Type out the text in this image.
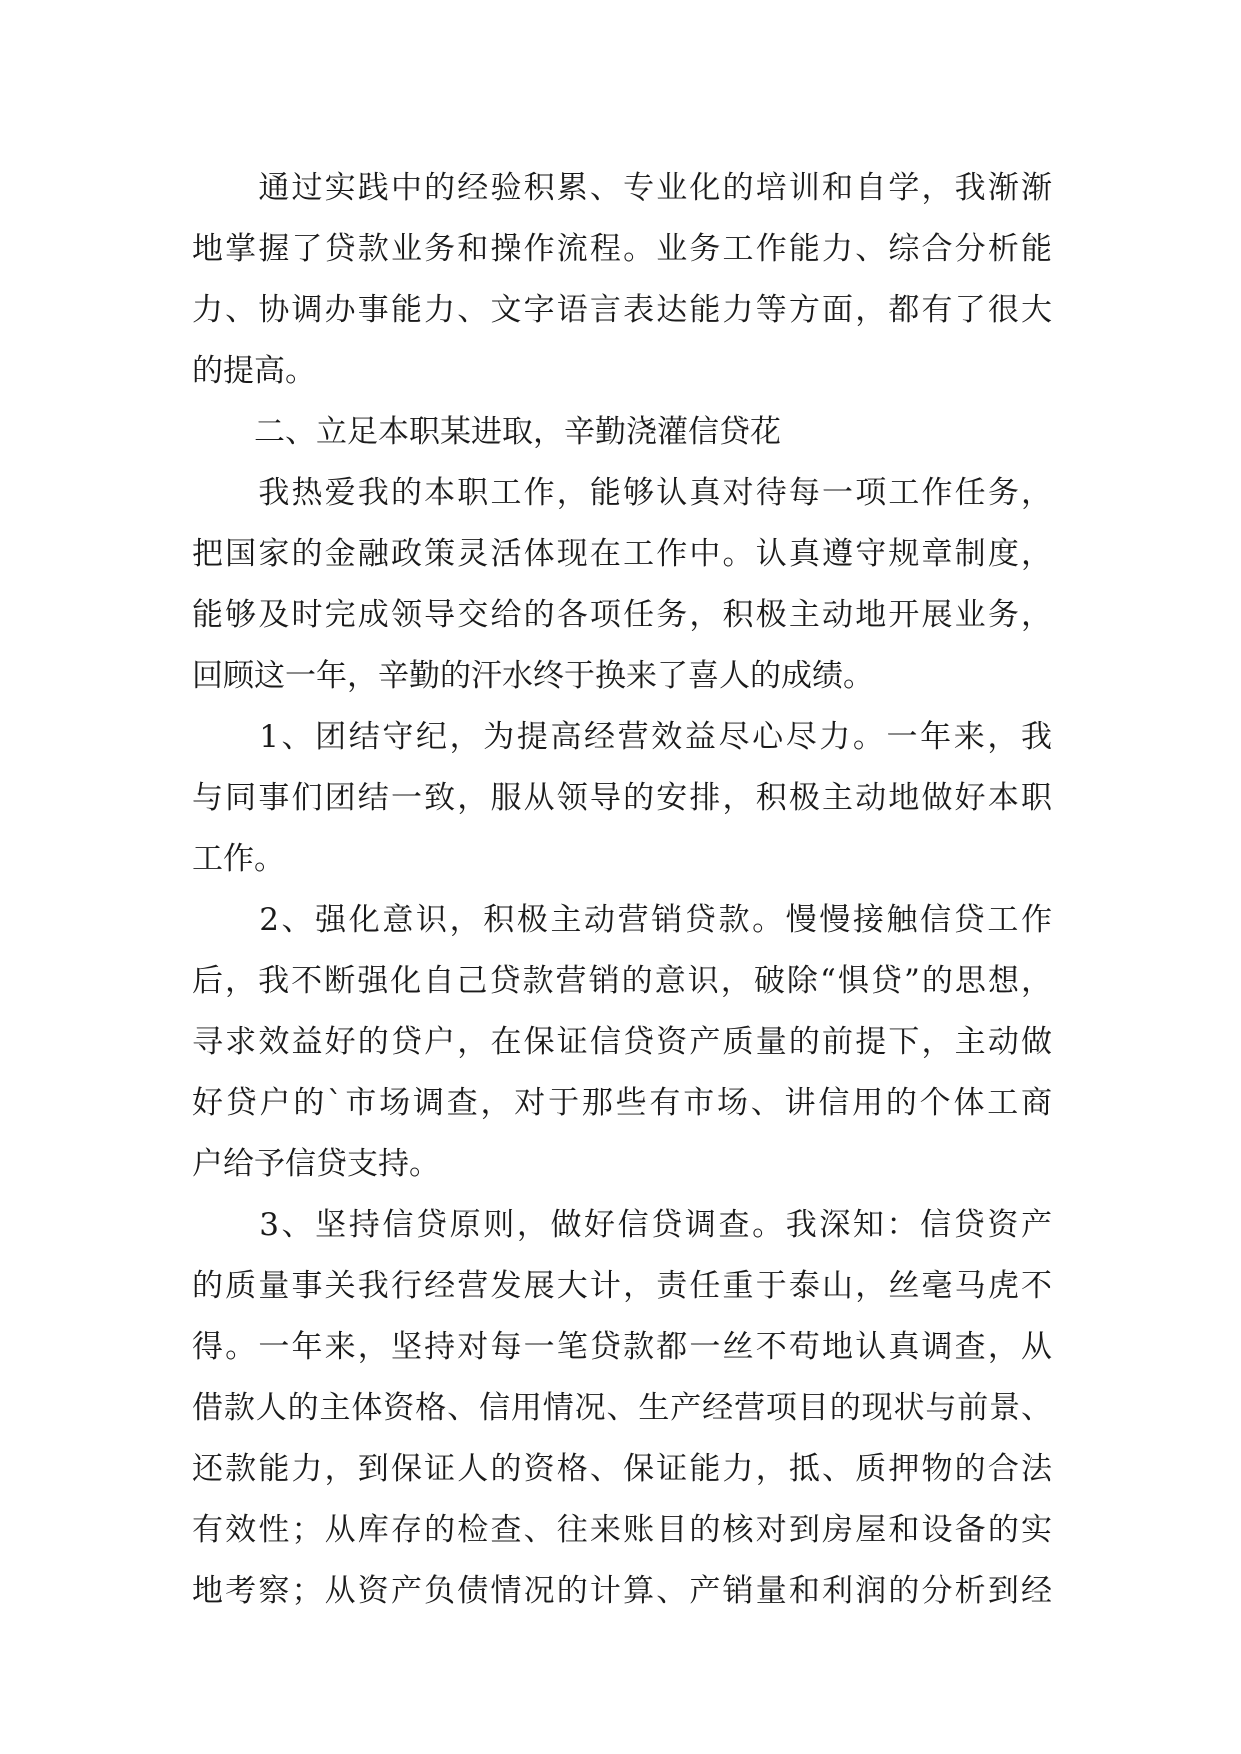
　　通过实践中的经验积累、专业化的培训和自学，我渐渐
地掌握了贷款业务和操作流程。业务工作能力、综合分析能
力、协调办事能力、文字语言表达能力等方面，都有了很大
的提高。
　　二、立足本职某进取，辛勤浇灌信贷花
　　我热爱我的本职工作，能够认真对待每一项工作任务，
把国家的金融政策灵活体现在工作中。认真遵守规章制度，
能够及时完成领导交给的各项任务，积极主动地开展业务，
回顾这一年，辛勤的汗水终于换来了喜人的成绩。
　　1、团结守纪，为提高经营效益尽心尽力。一年来，我
与同事们团结一致，服从领导的安排，积极主动地做好本职
工作。
　　2、强化意识，积极主动营销贷款。慢慢接触信贷工作
后，我不断强化自己贷款营销的意识，破除“惧贷”的思想，
寻求效益好的贷户，在保证信贷资产质量的前提下，主动做
好贷户的`市场调查，对于那些有市场、讲信用的个体工商
户给予信贷支持。
　　3、坚持信贷原则，做好信贷调查。我深知：信贷资产
的质量事关我行经营发展大计，责任重于泰山，丝毫马虎不
得。一年来，坚持对每一笔贷款都一丝不苟地认真调查，从
借款人的主体资格、信用情况、生产经营项目的现状与前景、
还款能力，到保证人的资格、保证能力，抵、质押物的合法
有效性；从库存的检查、往来账目的核对到房屋和设备的实
地考察；从资产负债情况的计算、产销量和利润的分析到经
